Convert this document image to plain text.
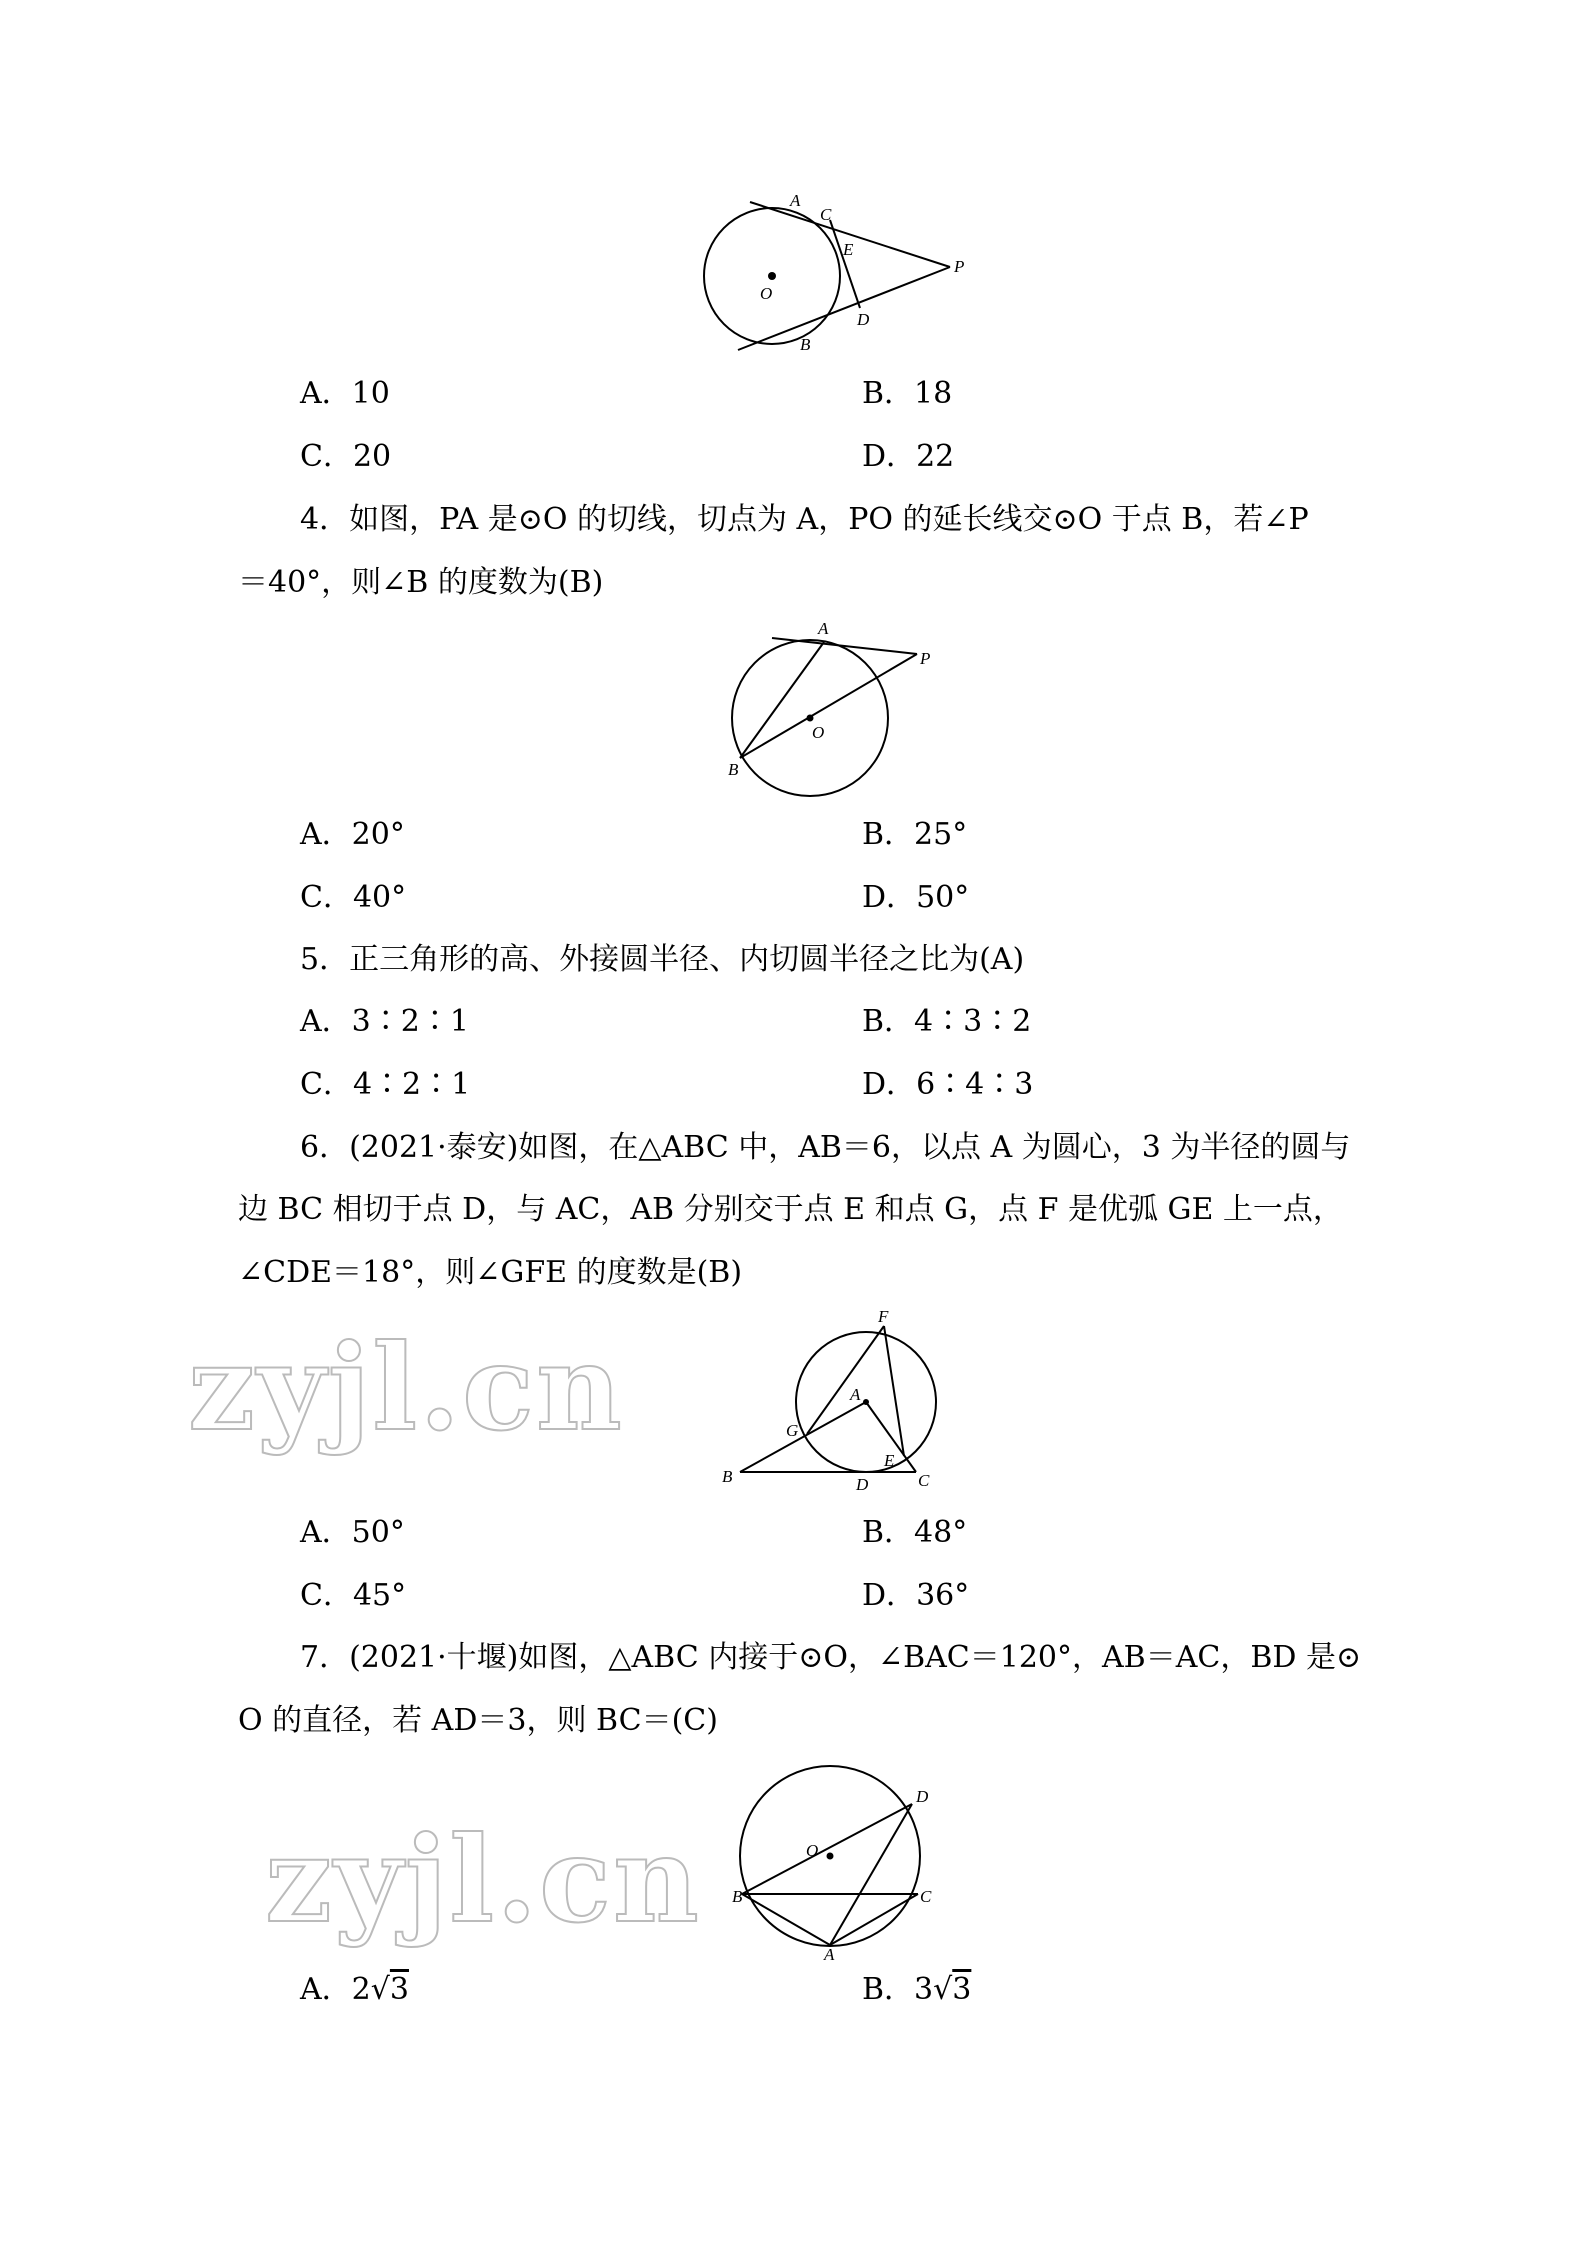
A
C
E
P
O
D
B
A．10	B．18
C．20	D．22
4．如图，PA 是⊙O 的切线，切点为 A，PO 的延长线交⊙O 于点 B，若∠P
＝40°，则∠B 的度数为(B)
A
P
O
B
A．20°	B．25°
C．40°	D．50°
5．正三角形的高、外接圆半径、内切圆半径之比为(A)
A．3∶2∶1	B．4∶3∶2
C．4∶2∶1	D．6∶4∶3
6．(2021·泰安)如图，在△ABC 中，AB＝6，以点 A 为圆心，3 为半径的圆与
边 BC 相切于点 D，与 AC，AB 分别交于点 E 和点 G，点 F 是优弧 GE 上一点，
∠CDE＝18°，则∠GFE 的度数是(B)
zyjl.cn
F
A
G
E
B	D	C
A．50°	B．48°
C．45°	D．36°
7．(2021·十堰)如图，△ABC 内接于⊙O，∠BAC＝120°，AB＝AC，BD 是⊙
O 的直径，若 AD＝3，则 BC＝(C)
zyjl.cn
D
O
B	C
A
A．2√3	B．3√3
